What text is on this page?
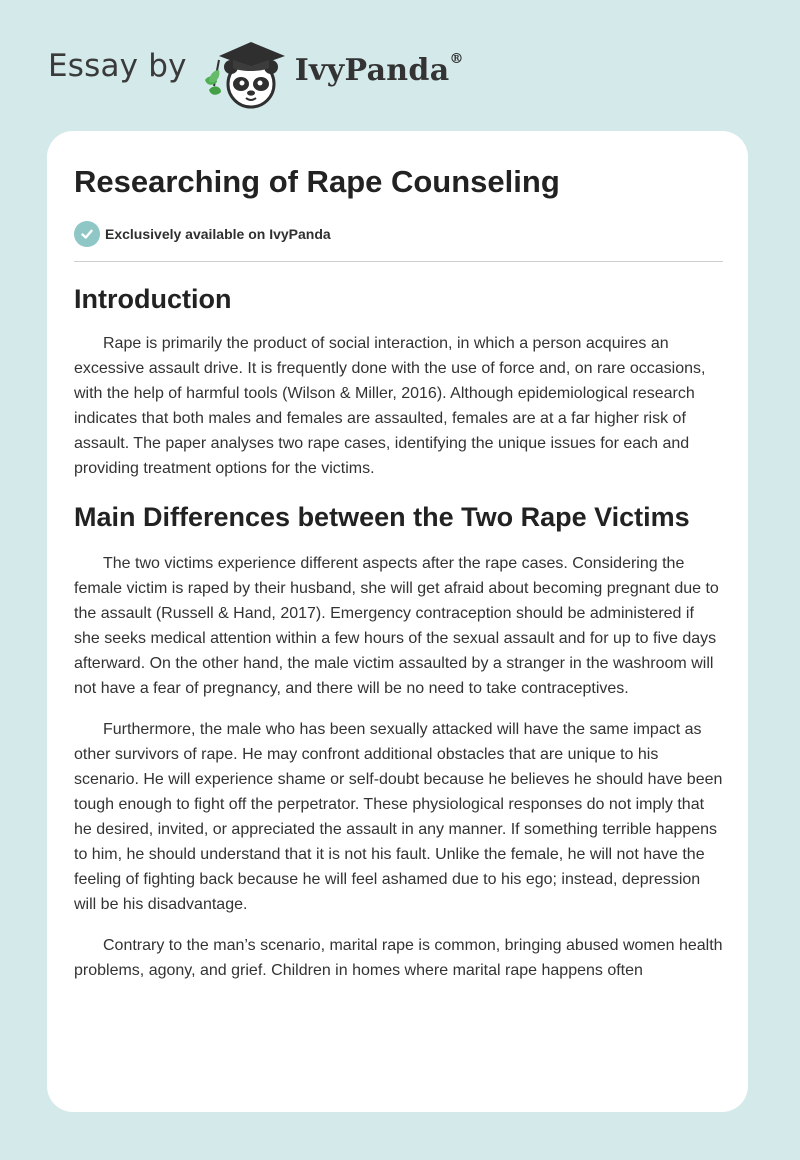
Essay by	IvyPanda®
Researching of Rape Counseling
Exclusively available on IvyPanda
Introduction

Rape is primarily the product of social interaction, in which a person acquires an excessive assault drive. It is frequently done with the use of force and, on rare occasions, with the help of harmful tools (Wilson & Miller, 2016). Although epidemiological research indicates that both males and females are assaulted, females are at a far higher risk of assault. The paper analyses two rape cases, identifying the unique issues for each and providing treatment options for the victims.

Main Differences between the Two Rape Victims

The two victims experience different aspects after the rape cases. Considering the female victim is raped by their husband, she will get afraid about becoming pregnant due to the assault (Russell & Hand, 2017). Emergency contraception should be administered if she seeks medical attention within a few hours of the sexual assault and for up to five days afterward. On the other hand, the male victim assaulted by a stranger in the washroom will not have a fear of pregnancy, and there will be no need to take contraceptives.

Furthermore, the male who has been sexually attacked will have the same impact as other survivors of rape. He may confront additional obstacles that are unique to his scenario. He will experience shame or self-doubt because he believes he should have been tough enough to fight off the perpetrator. These physiological responses do not imply that he desired, invited, or appreciated the assault in any manner. If something terrible happens to him, he should understand that it is not his fault. Unlike the female, he will not have the feeling of fighting back because he will feel ashamed due to his ego; instead, depression will be his disadvantage.

Contrary to the man’s scenario, marital rape is common, bringing abused women health problems, agony, and grief. Children in homes where marital rape happens often
